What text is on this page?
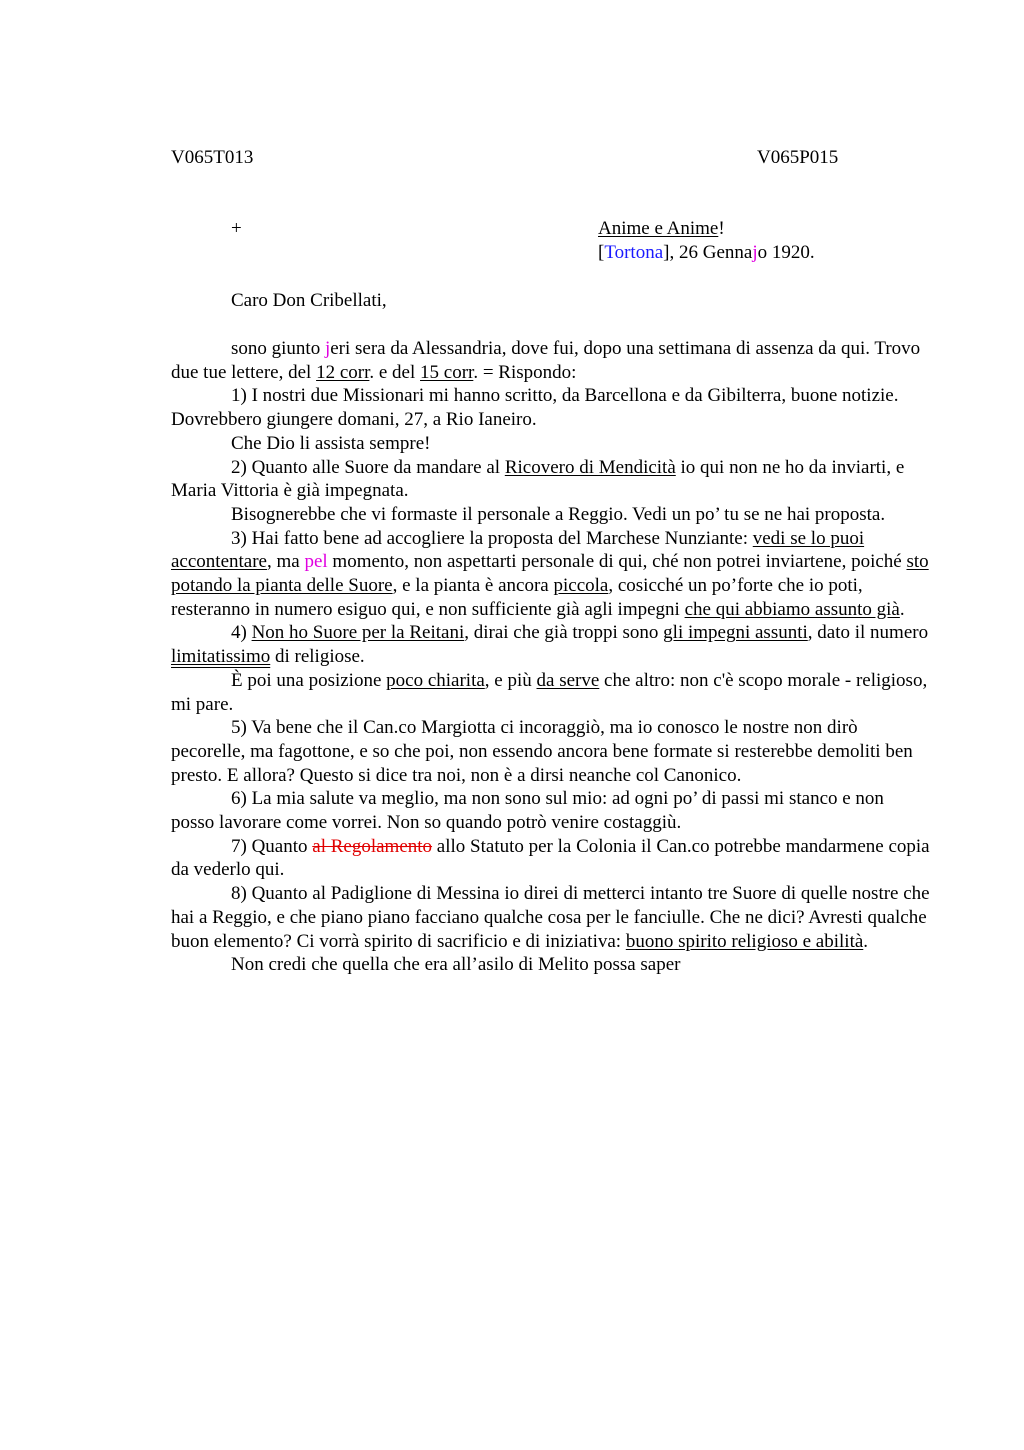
V065T013	V065P015
+	Anime e Anime!
[Tortona], 26 Gennajo 1920.
Caro Don Cribellati,

sono giunto jeri sera da Alessandria, dove fui, dopo una settimana di assenza da qui. Trovo due tue lettere, del 12 corr. e del 15 corr. = Rispondo:

1) I nostri due Missionari mi hanno scritto, da Barcellona e da Gibilterra, buone notizie. Dovrebbero giungere domani, 27, a Rio Ianeiro.

Che Dio li assista sempre!

2) Quanto alle Suore da mandare al Ricovero di Mendicità io qui non ne ho da inviarti, e Maria Vittoria è già impegnata.

Bisognerebbe che vi formaste il personale a Reggio. Vedi un po’ tu se ne hai proposta.

3) Hai fatto bene ad accogliere la proposta del Marchese Nunziante: vedi se lo puoi accontentare, ma pel momento, non aspettarti personale di qui, ché non potrei inviartene, poiché sto potando la pianta delle Suore, e la pianta è ancora piccola, cosicché un po’forte che io poti, resteranno in numero esiguo qui, e non sufficiente già agli impegni che qui abbiamo assunto già.

4) Non ho Suore per la Reitani, dirai che già troppi sono gli impegni assunti, dato il numero limitatissimo di religiose.

È poi una posizione poco chiarita, e più da serve che altro: non c'è scopo morale - religioso, mi pare.

5) Va bene che il Can.co Margiotta ci incoraggiò, ma io conosco le nostre non dirò pecorelle, ma fagottone, e so che poi, non essendo ancora bene formate si resterebbe demoliti ben presto. E allora? Questo si dice tra noi, non è a dirsi neanche col Canonico.

6) La mia salute va meglio, ma non sono sul mio: ad ogni po’ di passi mi stanco e non posso lavorare come vorrei. Non so quando potrò venire costaggiù.

7) Quanto al Regolamento allo Statuto per la Colonia il Can.co potrebbe mandarmene copia da vederlo qui.

8) Quanto al Padiglione di Messina io direi di metterci intanto tre Suore di quelle nostre che hai a Reggio, e che piano piano facciano qualche cosa per le fanciulle. Che ne dici? Avresti qualche buon elemento? Ci vorrà spirito di sacrificio e di iniziativa: buono spirito religioso e abilità.

Non credi che quella che era all’asilo di Melito possa saper
